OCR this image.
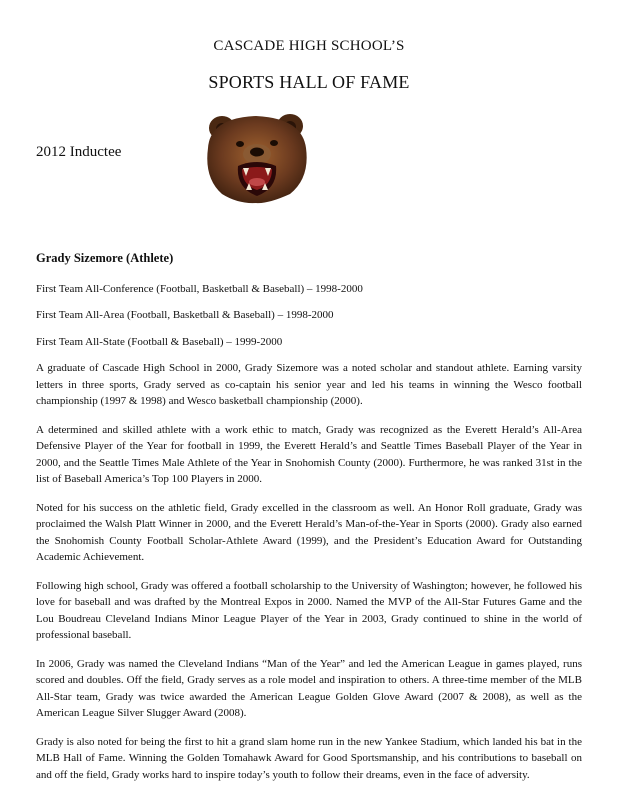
CASCADE HIGH SCHOOL’S
SPORTS HALL OF FAME
2012 Inductee
Grady Sizemore (Athlete)
First Team All-Conference (Football, Basketball & Baseball) – 1998-2000
First Team All-Area (Football, Basketball & Baseball) – 1998-2000
First Team All-State (Football & Baseball) – 1999-2000
A graduate of Cascade High School in 2000, Grady Sizemore was a noted scholar and standout athlete. Earning varsity letters in three sports, Grady served as co-captain his senior year and led his teams in winning the Wesco football championship (1997 & 1998) and Wesco basketball championship (2000).
A determined and skilled athlete with a work ethic to match, Grady was recognized as the Everett Herald’s All-Area Defensive Player of the Year for football in 1999, the Everett Herald’s and Seattle Times Baseball Player of the Year in 2000, and the Seattle Times Male Athlete of the Year in Snohomish County (2000). Furthermore, he was ranked 31st in the list of Baseball America’s Top 100 Players in 2000.
Noted for his success on the athletic field, Grady excelled in the classroom as well. An Honor Roll graduate, Grady was proclaimed the Walsh Platt Winner in 2000, and the Everett Herald’s Man-of-the-Year in Sports (2000). Grady also earned the Snohomish County Football Scholar-Athlete Award (1999), and the President’s Education Award for Outstanding Academic Achievement.
Following high school, Grady was offered a football scholarship to the University of Washington; however, he followed his love for baseball and was drafted by the Montreal Expos in 2000. Named the MVP of the All-Star Futures Game and the Lou Boudreau Cleveland Indians Minor League Player of the Year in 2003, Grady continued to shine in the world of professional baseball.
In 2006, Grady was named the Cleveland Indians “Man of the Year” and led the American League in games played, runs scored and doubles. Off the field, Grady serves as a role model and inspiration to others. A three-time member of the MLB All-Star team, Grady was twice awarded the American League Golden Glove Award (2007 & 2008), as well as the American League Silver Slugger Award (2008).
Grady is also noted for being the first to hit a grand slam home run in the new Yankee Stadium, which landed his bat in the MLB Hall of Fame. Winning the Golden Tomahawk Award for Good Sportsmanship, and his contributions to baseball on and off the field, Grady works hard to inspire today’s youth to follow their dreams, even in the face of adversity.
